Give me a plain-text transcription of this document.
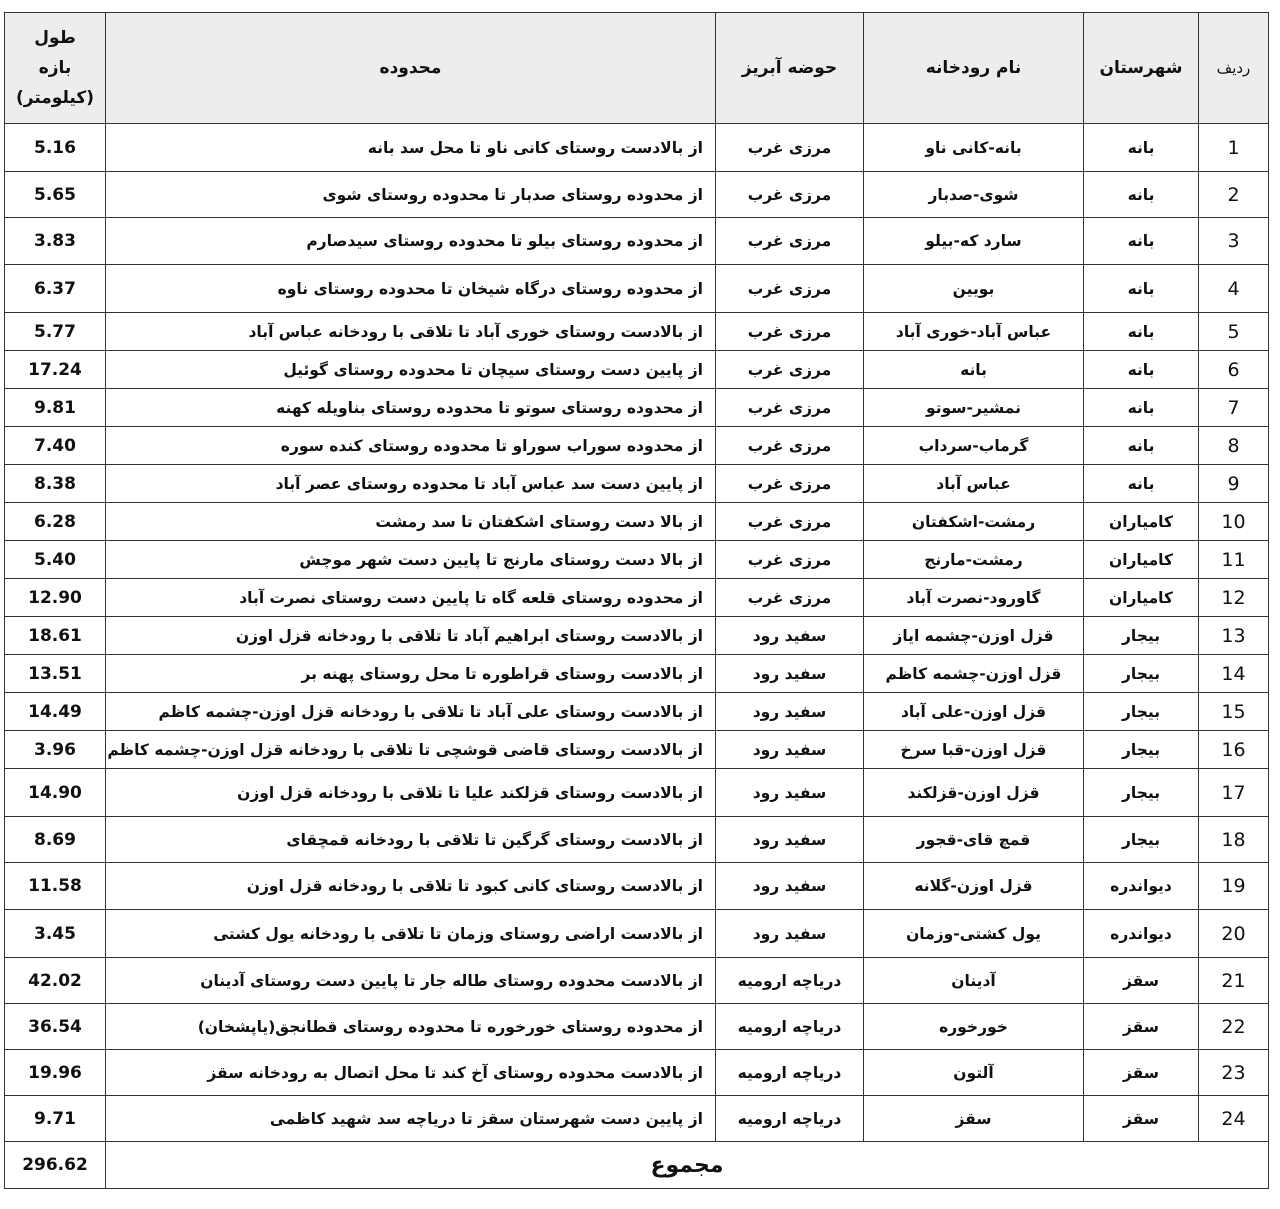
ردیف	شهرستان	نام رودخانه	حوضه آبریز	محدوده	طول
بازه
(کیلومتر)

1	بانه	بانه-کانی ناو	مرزی غرب	از بالادست روستای کانی ناو تا محل سد بانه	5.16
2	بانه	شوی-صدبار	مرزی غرب	از محدوده روستای صدبار تا محدوده روستای شوی	5.65
3	بانه	سارد که-بیلو	مرزی غرب	از محدوده روستای بیلو تا محدوده روستای سیدصارم	3.83
4	بانه	بویین	مرزی غرب	از محدوده روستای درگاه شیخان تا محدوده روستای ناوه	6.37
5	بانه	عباس آباد-خوری آباد	مرزی غرب	از بالادست روستای خوری آباد تا تلاقی با رودخانه عباس آباد	5.77
6	بانه	بانه	مرزی غرب	از پایین دست روستای سیچان تا محدوده روستای گوئیل	17.24
7	بانه	نمشیر-سوتو	مرزی غرب	از محدوده روستای سوتو تا محدوده روستای بناویله کهنه	9.81
8	بانه	گرماب-سرداب	مرزی غرب	از محدوده سوراب سوراو تا محدوده روستای کنده سوره	7.40
9	بانه	عباس آباد	مرزی غرب	از پایین دست سد عباس آباد تا محدوده روستای عصر آباد	8.38
10	کامیاران	رمشت-اشکفتان	مرزی غرب	از بالا دست روستای اشکفتان تا سد رمشت	6.28
11	کامیاران	رمشت-مارنج	مرزی غرب	از بالا دست روستای مارنج تا پایین دست شهر موچش	5.40
12	کامیاران	گاورود-نصرت آباد	مرزی غرب	از محدوده روستای قلعه گاه تا پایین دست روستای نصرت آباد	12.90
13	بیجار	قزل اوزن-چشمه ایاز	سفید رود	از بالادست روستای ابراهیم آباد تا تلاقی با رودخانه قزل اوزن	18.61
14	بیجار	قزل اوزن-چشمه کاظم	سفید رود	از بالادست روستای قراطوره تا محل روستای پهنه بر	13.51
15	بیجار	قزل اوزن-علی آباد	سفید رود	از بالادست روستای علی آباد تا تلاقی با رودخانه قزل اوزن-چشمه کاظم	14.49
16	بیجار	قزل اوزن-قبا سرخ	سفید رود	از بالادست روستای قاضی قوشچی تا تلاقی با رودخانه قزل اوزن-چشمه کاظم	3.96
17	بیجار	قزل اوزن-قزلکند	سفید رود	از بالادست روستای قزلکند علیا تا تلاقی با رودخانه قزل اوزن	14.90
18	بیجار	قمچ قای-قجور	سفید رود	از بالادست روستای گرگین تا تلاقی با رودخانه قمچقای	8.69
19	دیواندره	قزل اوزن-گلانه	سفید رود	از بالادست روستای کانی کبود تا تلاقی با رودخانه قزل اوزن	11.58
20	دیواندره	یول کشتی-وزمان	سفید رود	از بالادست اراضی روستای وزمان تا تلاقی با رودخانه یول کشتی	3.45
21	سقز	آدینان	دریاچه ارومیه	از بالادست محدوده روستای طاله جار تا پایین دست روستای آدینان	42.02
22	سقز	خورخوره	دریاچه ارومیه	از محدوده روستای خورخوره تا محدوده روستای قطانجق(یاپشخان)	36.54
23	سقز	آلتون	دریاچه ارومیه	از بالادست محدوده روستای آخ کند تا محل اتصال به رودخانه سقز	19.96
24	سقز	سقز	دریاچه ارومیه	از پایین دست شهرستان سقز تا دریاچه سد شهید کاظمی	9.71
مجموع					296.62
